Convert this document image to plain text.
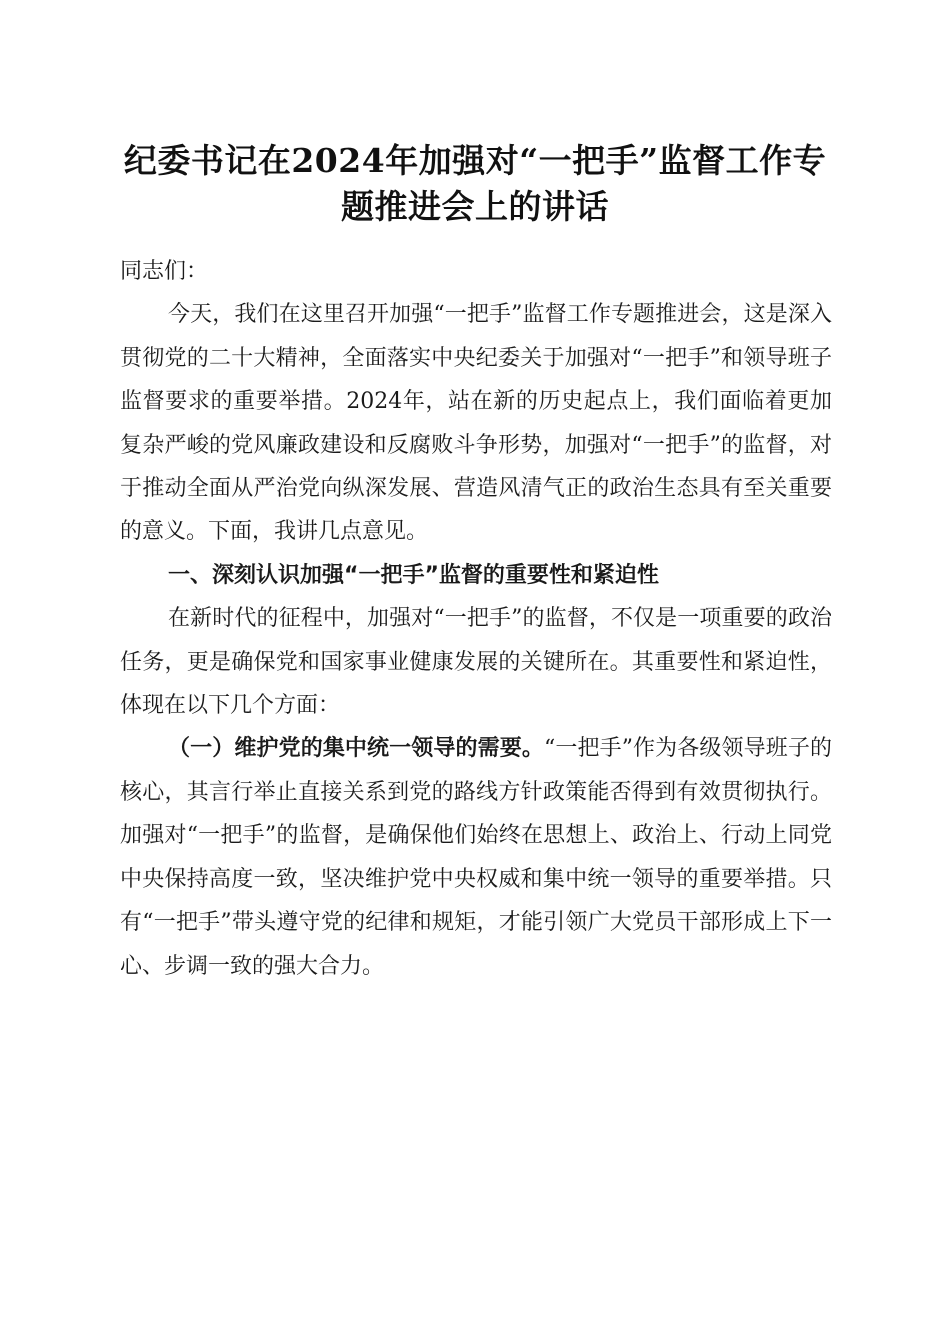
纪委书记在2024年加强对“一把手”监督工作专题推进会上的讲话

同志们：

今天，我们在这里召开加强“一把手”监督工作专题推进会，这是深入贯彻党的二十大精神，全面落实中央纪委关于加强对“一把手”和领导班子监督要求的重要举措。2024年，站在新的历史起点上，我们面临着更加复杂严峻的党风廉政建设和反腐败斗争形势，加强对“一把手”的监督，对于推动全面从严治党向纵深发展、营造风清气正的政治生态具有至关重要的意义。下面，我讲几点意见。

一、深刻认识加强“一把手”监督的重要性和紧迫性

在新时代的征程中，加强对“一把手”的监督，不仅是一项重要的政治任务，更是确保党和国家事业健康发展的关键所在。其重要性和紧迫性，体现在以下几个方面：

（一）维护党的集中统一领导的需要。“一把手”作为各级领导班子的核心，其言行举止直接关系到党的路线方针政策能否得到有效贯彻执行。加强对“一把手”的监督，是确保他们始终在思想上、政治上、行动上同党中央保持高度一致，坚决维护党中央权威和集中统一领导的重要举措。只有“一把手”带头遵守党的纪律和规矩，才能引领广大党员干部形成上下一心、步调一致的强大合力。
